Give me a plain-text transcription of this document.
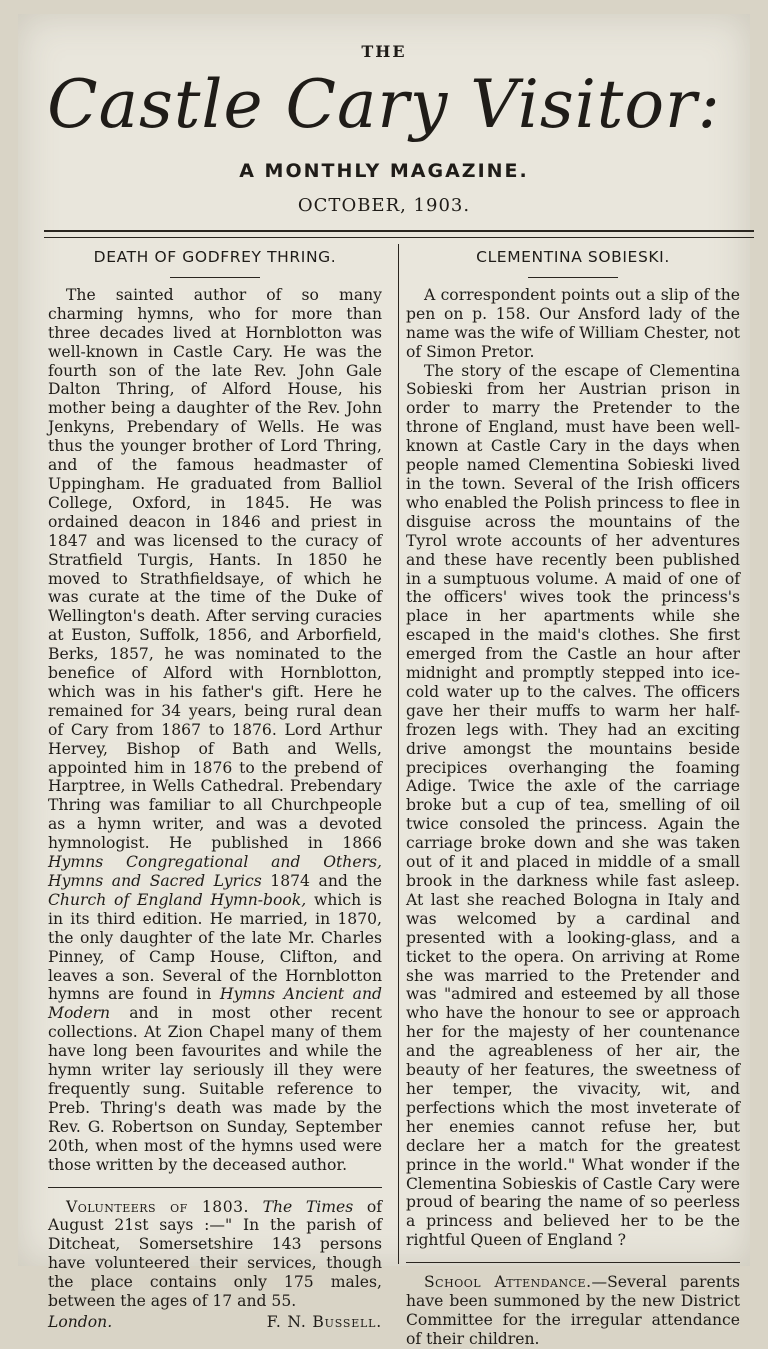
THE
Castle Cary Visitor:
A MONTHLY MAGAZINE.
OCTOBER, 1903.
DEATH OF GODFREY THRING.

The sainted author of so many charming hymns, who for more than three decades lived at Hornblotton was well-known in Castle Cary. He was the fourth son of the late Rev. John Gale Dalton Thring, of Alford House, his mother being a daughter of the Rev. John Jenkyns, Prebendary of Wells. He was thus the younger brother of Lord Thring, and of the famous headmaster of Uppingham. He graduated from Balliol College, Oxford, in 1845. He was ordained deacon in 1846 and priest in 1847 and was licensed to the curacy of Stratfield Turgis, Hants. In 1850 he moved to Strathfieldsaye, of which he was curate at the time of the Duke of Wellington's death. After serving curacies at Euston, Suffolk, 1856, and Arborfield, Berks, 1857, he was nominated to the benefice of Alford with Hornblotton, which was in his father's gift. Here he remained for 34 years, being rural dean of Cary from 1867 to 1876. Lord Arthur Hervey, Bishop of Bath and Wells, appointed him in 1876 to the prebend of Harptree, in Wells Cathedral. Prebendary Thring was familiar to all Churchpeople as a hymn writer, and was a devoted hymnologist. He published in 1866 Hymns Congregational and Others, Hymns and Sacred Lyrics 1874 and the Church of England Hymn-book, which is in its third edition. He married, in 1870, the only daughter of the late Mr. Charles Pinney, of Camp House, Clifton, and leaves a son. Several of the Hornblotton hymns are found in Hymns Ancient and Modern and in most other recent collections. At Zion Chapel many of them have long been favourites and while the hymn writer lay seriously ill they were frequently sung. Suitable reference to Preb. Thring's death was made by the Rev. G. Robertson on Sunday, September 20th, when most of the hymns used were those written by the deceased author.

Volunteers of 1803. The Times of August 21st says :—" In the parish of Ditcheat, Somersetshire 143 persons have volunteered their services, though the place contains only 175 males, between the ages of 17 and 55.

London.	F. N. Bussell.
CLEMENTINA SOBIESKI.

A correspondent points out a slip of the pen on p. 158. Our Ansford lady of the name was the wife of William Chester, not of Simon Pretor.

The story of the escape of Clementina Sobieski from her Austrian prison in order to marry the Pretender to the throne of England, must have been well-known at Castle Cary in the days when people named Clementina Sobieski lived in the town. Several of the Irish officers who enabled the Polish princess to flee in disguise across the mountains of the Tyrol wrote accounts of her adventures and these have recently been published in a sumptuous volume. A maid of one of the officers' wives took the princess's place in her apartments while she escaped in the maid's clothes. She first emerged from the Castle an hour after midnight and promptly stepped into ice-cold water up to the calves. The officers gave her their muffs to warm her half-frozen legs with. They had an exciting drive amongst the mountains beside precipices overhanging the foaming Adige. Twice the axle of the carriage broke but a cup of tea, smelling of oil twice consoled the princess. Again the carriage broke down and she was taken out of it and placed in middle of a small brook in the darkness while fast asleep. At last she reached Bologna in Italy and was welcomed by a cardinal and presented with a looking-glass, and a ticket to the opera. On arriving at Rome she was married to the Pretender and was "admired and esteemed by all those who have the honour to see or approach her for the majesty of her countenance and the agreableness of her air, the beauty of her features, the sweetness of her temper, the vivacity, wit, and perfections which the most inveterate of her enemies cannot refuse her, but declare her a match for the greatest prince in the world." What wonder if the Clementina Sobieskis of Castle Cary were proud of bearing the name of so peerless a princess and believed her to be the rightful Queen of England ?

School Attendance.—Several parents have been summoned by the new District Committee for the irregular attendance of their children.
